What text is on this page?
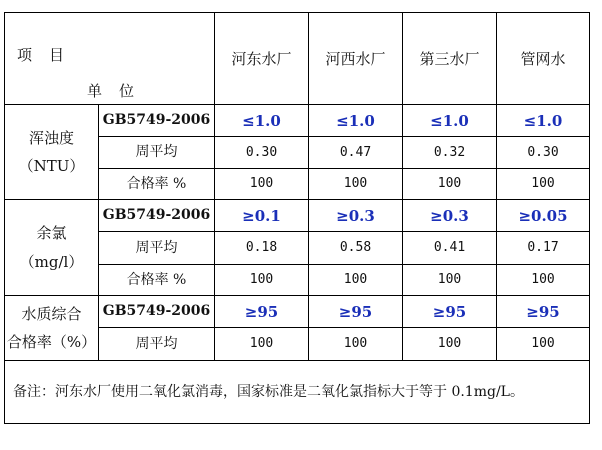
项　目
单　位		河东水厂	河西水厂	第三水厂	管网水
浑浊度
（NTU）	GB5749-2006	≤1.0	≤1.0	≤1.0	≤1.0
	周平均	0.30	0.47	0.32	0.30
	合格率 %	100	100	100	100
余氯
（mg/l）	GB5749-2006	≥0.1	≥0.3	≥0.3	≥0.05
	周平均	0.18	0.58	0.41	0.17
	合格率 %	100	100	100	100
水质综合
合格率（%）	GB5749-2006	≥95	≥95	≥95	≥95
	周平均	100	100	100	100
备注：河东水厂使用二氧化氯消毒，国家标准是二氧化氯指标大于等于 0.1mg/L。					
